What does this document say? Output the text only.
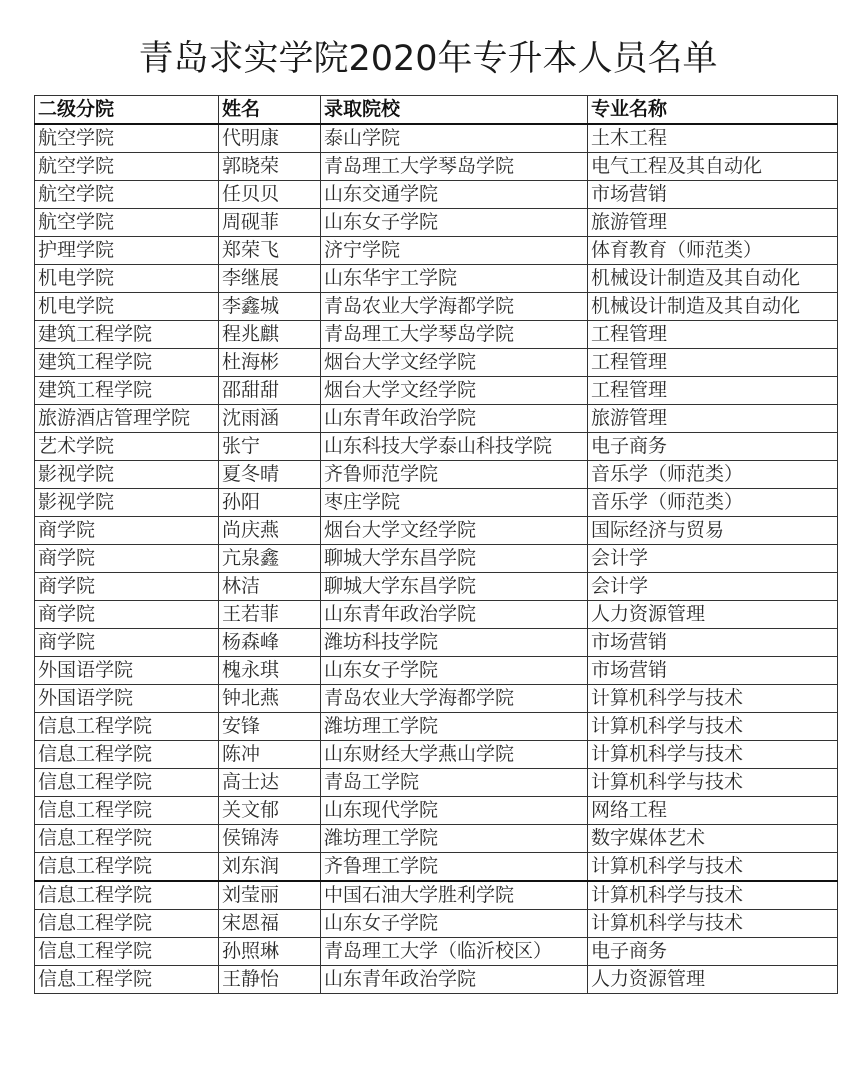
青岛求实学院2020年专升本人员名单
二级分院	姓名	录取院校	专业名称
航空学院	代明康	泰山学院	土木工程
航空学院	郭晓荣	青岛理工大学琴岛学院	电气工程及其自动化
航空学院	任贝贝	山东交通学院	市场营销
航空学院	周砚菲	山东女子学院	旅游管理
护理学院	郑荣飞	济宁学院	体育教育（师范类）
机电学院	李继展	山东华宇工学院	机械设计制造及其自动化
机电学院	李鑫城	青岛农业大学海都学院	机械设计制造及其自动化
建筑工程学院	程兆麒	青岛理工大学琴岛学院	工程管理
建筑工程学院	杜海彬	烟台大学文经学院	工程管理
建筑工程学院	邵甜甜	烟台大学文经学院	工程管理
旅游酒店管理学院	沈雨涵	山东青年政治学院	旅游管理
艺术学院	张宁	山东科技大学泰山科技学院	电子商务
影视学院	夏冬晴	齐鲁师范学院	音乐学（师范类）
影视学院	孙阳	枣庄学院	音乐学（师范类）
商学院	尚庆燕	烟台大学文经学院	国际经济与贸易
商学院	亢泉鑫	聊城大学东昌学院	会计学
商学院	林洁	聊城大学东昌学院	会计学
商学院	王若菲	山东青年政治学院	人力资源管理
商学院	杨森峰	潍坊科技学院	市场营销
外国语学院	槐永琪	山东女子学院	市场营销
外国语学院	钟北燕	青岛农业大学海都学院	计算机科学与技术
信息工程学院	安锋	潍坊理工学院	计算机科学与技术
信息工程学院	陈冲	山东财经大学燕山学院	计算机科学与技术
信息工程学院	高士达	青岛工学院	计算机科学与技术
信息工程学院	关文郁	山东现代学院	网络工程
信息工程学院	侯锦涛	潍坊理工学院	数字媒体艺术
信息工程学院	刘东润	齐鲁理工学院	计算机科学与技术
信息工程学院	刘莹丽	中国石油大学胜利学院	计算机科学与技术
信息工程学院	宋恩福	山东女子学院	计算机科学与技术
信息工程学院	孙照琳	青岛理工大学（临沂校区）	电子商务
信息工程学院	王静怡	山东青年政治学院	人力资源管理
